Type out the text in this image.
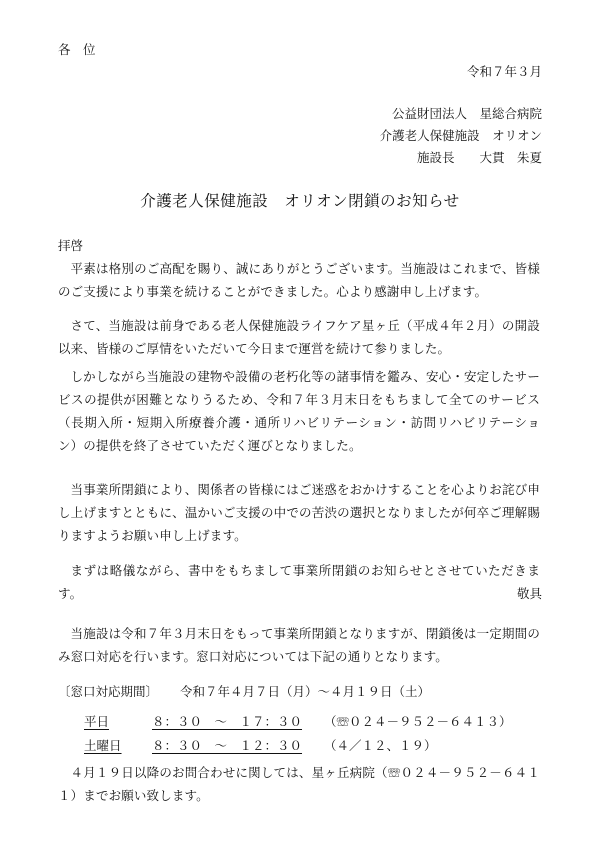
各　位
令和７年３月
公益財団法人　星総合病院
介護老人保健施設　オリオン
施設長　　大貫　朱夏
介護老人保健施設　オリオン閉鎖のお知らせ
拝啓
平素は格別のご高配を賜り、誠にありがとうございます。当施設はこれまで、皆様のご支援により事業を続けることができました。心より感謝申し上げます。
さて、当施設は前身である老人保健施設ライフケア星ヶ丘（平成４年２月）の開設以来、皆様のご厚情をいただいて今日まで運営を続けて参りました。
しかしながら当施設の建物や設備の老朽化等の諸事情を鑑み、安心・安定したサービスの提供が困難となりうるため、令和７年３月末日をもちまして全てのサービス（長期入所・短期入所療養介護・通所リハビリテーション・訪問リハビリテーション）の提供を終了させていただく運びとなりました。
当事業所閉鎖により、関係者の皆様にはご迷惑をおかけすることを心よりお詫び申し上げますとともに、温かいご支援の中での苦渋の選択となりましたが何卒ご理解賜りますようお願い申し上げます。
まずは略儀ながら、書中をもちまして事業所閉鎖のお知らせとさせていただきます。	敬具
当施設は令和７年３月末日をもって事業所閉鎖となりますが、閉鎖後は一定期間のみ窓口対応を行います。窓口対応については下記の通りとなります。
〔窓口対応期間〕 令和７年４月７日（月）～４月１９日（土）
平日	８：３０　～　１７：３０ （☏０２４－９５２－６４１３）
土曜日 ８：３０　～　１２：３０ （４／１２、１９）
４月１９日以降のお問合わせに関しては、星ヶ丘病院（☏０２４－９５２－６４１１）までお願い致します。
